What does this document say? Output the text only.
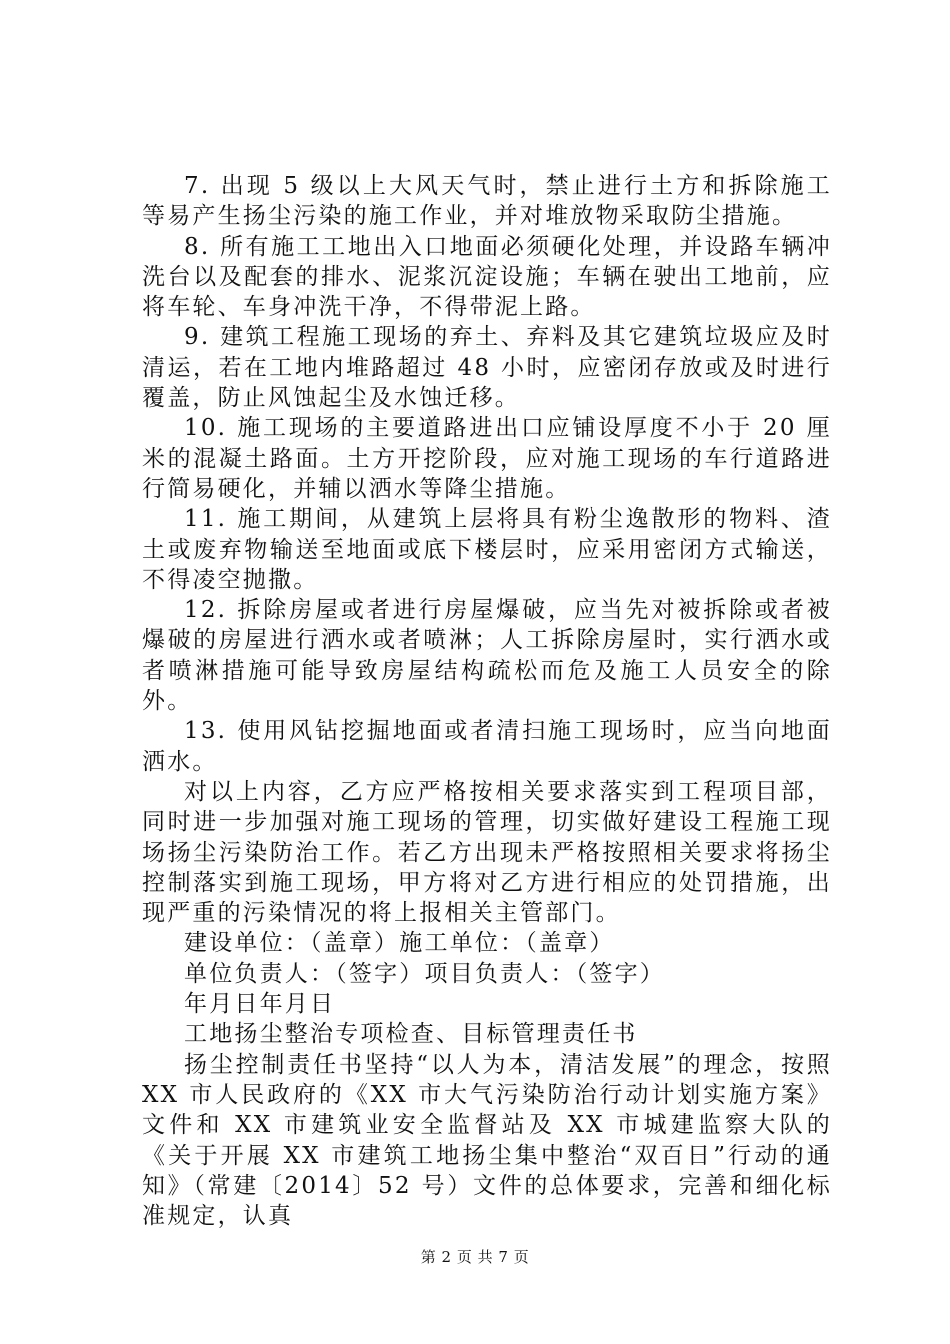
7. 出现 5 级以上大风天气时，禁止进行土方和拆除施工等易产生扬尘污染的施工作业，并对堆放物采取防尘措施。

8. 所有施工工地出入口地面必须硬化处理，并设路车辆冲洗台以及配套的排水、泥浆沉淀设施；车辆在驶出工地前，应将车轮、车身冲洗干净，不得带泥上路。

9. 建筑工程施工现场的弃土、弃料及其它建筑垃圾应及时清运，若在工地内堆路超过 48 小时，应密闭存放或及时进行覆盖，防止风蚀起尘及水蚀迁移。

10. 施工现场的主要道路进出口应铺设厚度不小于 20 厘米的混凝土路面。土方开挖阶段，应对施工现场的车行道路进行简易硬化，并辅以洒水等降尘措施。

11. 施工期间，从建筑上层将具有粉尘逸散形的物料、渣土或废弃物输送至地面或底下楼层时，应采用密闭方式输送，不得凌空抛撒。

12. 拆除房屋或者进行房屋爆破，应当先对被拆除或者被爆破的房屋进行洒水或者喷淋；人工拆除房屋时，实行洒水或者喷淋措施可能导致房屋结构疏松而危及施工人员安全的除外。

13. 使用风钻挖掘地面或者清扫施工现场时，应当向地面洒水。

对以上内容，乙方应严格按相关要求落实到工程项目部，同时进一步加强对施工现场的管理，切实做好建设工程施工现场扬尘污染防治工作。若乙方出现未严格按照相关要求将扬尘控制落实到施工现场，甲方将对乙方进行相应的处罚措施，出现严重的污染情况的将上报相关主管部门。

建设单位：（盖章）施工单位：（盖章）

单位负责人：（签字）项目负责人：（签字）

年月日年月日

工地扬尘整治专项检查、目标管理责任书

扬尘控制责任书坚持“以人为本，清洁发展”的理念，按照 XX 市人民政府的《XX 市大气污染防治行动计划实施方案》文件和 XX 市建筑业安全监督站及 XX 市城建监察大队的《关于开展 XX 市建筑工地扬尘集中整治“双百日”行动的通知》（常建〔2014〕52 号）文件的总体要求，完善和细化标准规定，认真

第 2 页 共 7 页
